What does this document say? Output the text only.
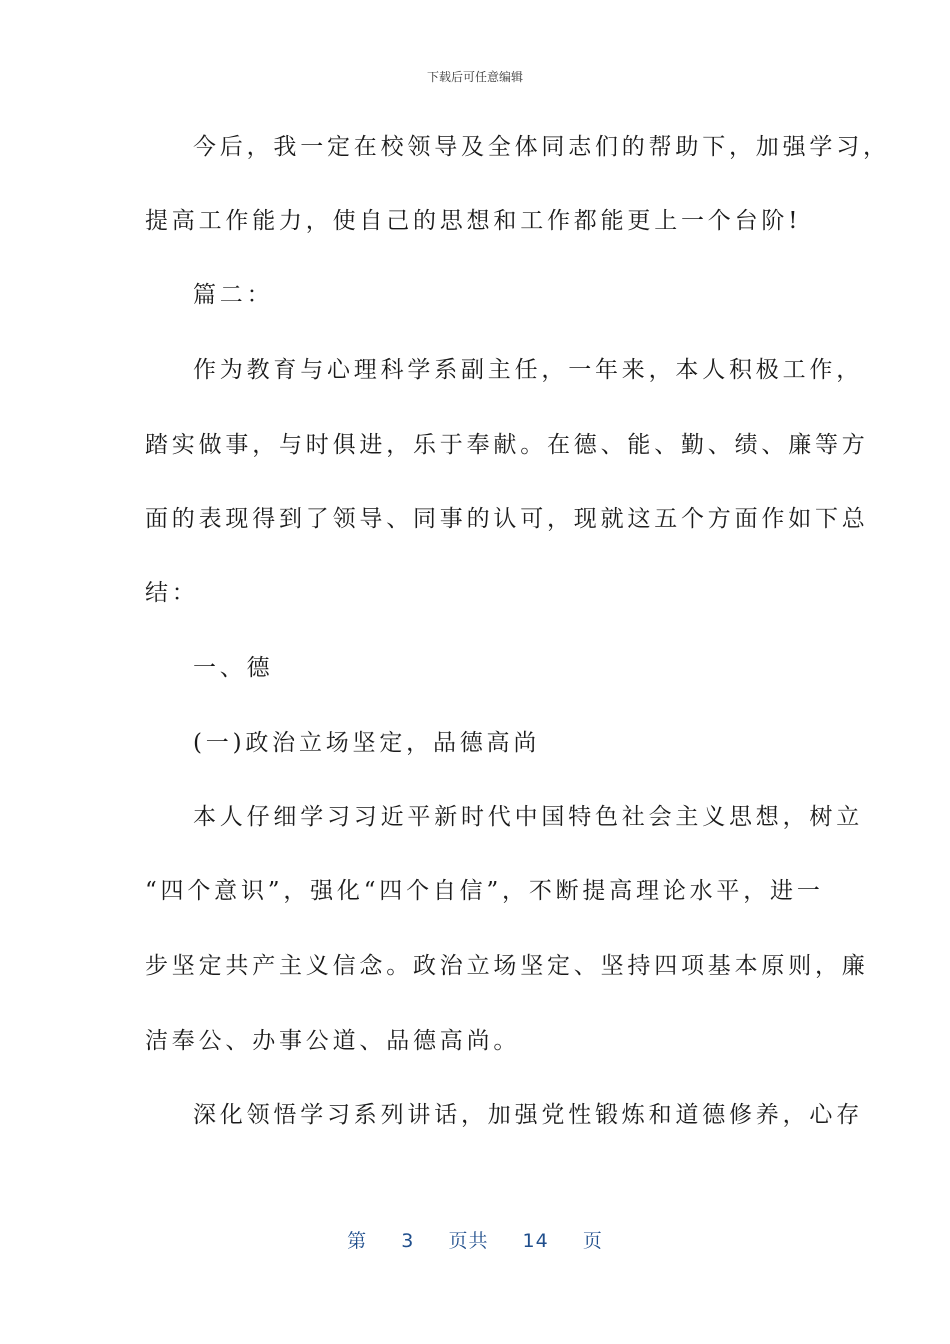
下载后可任意编辑
今后，我一定在校领导及全体同志们的帮助下，加强学习，
提高工作能力，使自己的思想和工作都能更上一个台阶!
篇二：
作为教育与心理科学系副主任，一年来，本人积极工作，
踏实做事，与时俱进，乐于奉献。在德、能、勤、绩、廉等方
面的表现得到了领导、同事的认可，现就这五个方面作如下总
结：
一、德
(一)政治立场坚定，品德高尚
本人仔细学习习近平新时代中国特色社会主义思想，树立
“四个意识”，强化“四个自信”，不断提高理论水平，进一
步坚定共产主义信念。政治立场坚定、坚持四项基本原则，廉
洁奉公、办事公道、品德高尚。
深化领悟学习系列讲话，加强党性锻炼和道德修养，心存
第 3 页共 14 页
